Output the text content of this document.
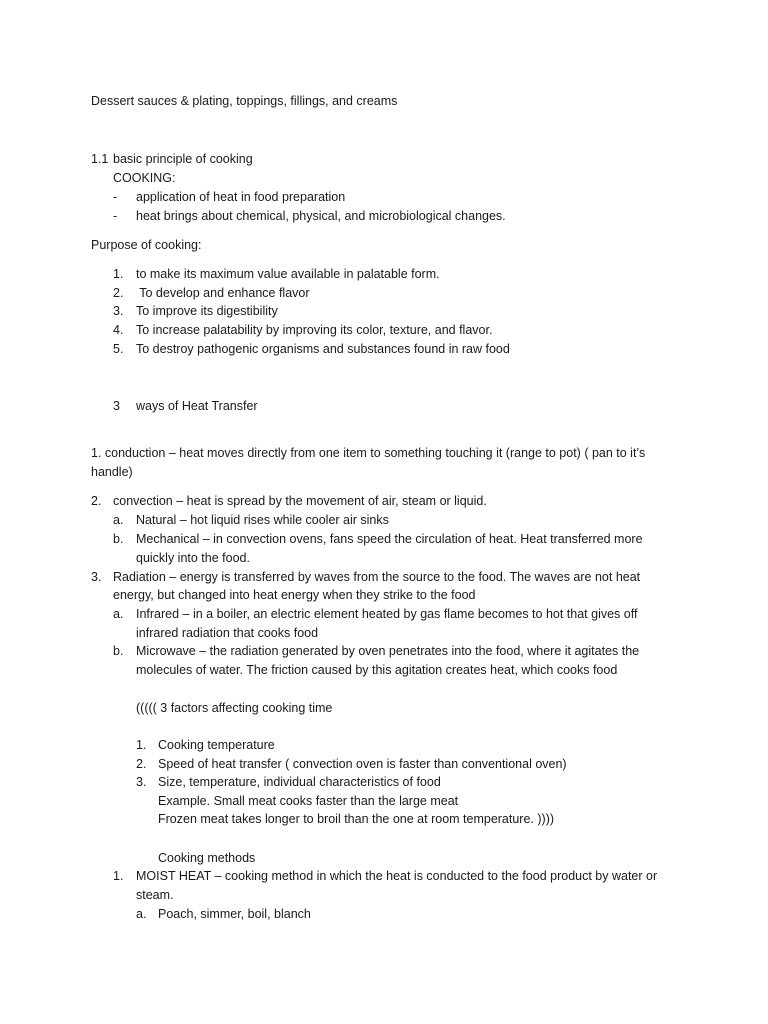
Dessert sauces & plating, toppings, fillings, and creams
1.1 basic principle of cooking
COOKING:
- application of heat in food preparation
- heat brings about chemical, physical, and microbiological changes.
Purpose of cooking:
1. to make its maximum value available in palatable form.
2. To develop and enhance flavor
3. To improve its digestibility
4. To increase palatability by improving its color, texture, and flavor.
5. To destroy pathogenic organisms and substances found in raw food
3 ways of Heat Transfer
1. conduction – heat moves directly from one item to something touching it (range to pot) ( pan to it’s
handle)
2. convection – heat is spread by the movement of air, steam or liquid.
a. Natural – hot liquid rises while cooler air sinks
b. Mechanical – in convection ovens, fans speed the circulation of heat. Heat transferred more
quickly into the food.
3. Radiation – energy is transferred by waves from the source to the food. The waves are not heat
energy, but changed into heat energy when they strike to the food
a. Infrared – in a boiler, an electric element heated by gas flame becomes to hot that gives off
infrared radiation that cooks food
b. Microwave – the radiation generated by oven penetrates into the food, where it agitates the
molecules of water. The friction caused by this agitation creates heat, which cooks food
((((( 3 factors affecting cooking time
1. Cooking temperature
2. Speed of heat transfer ( convection oven is faster than conventional oven)
3. Size, temperature, individual characteristics of food
Example. Small meat cooks faster than the large meat
Frozen meat takes longer to broil than the one at room temperature. ))))
Cooking methods
1. MOIST HEAT – cooking method in which the heat is conducted to the food product by water or
steam.
a. Poach, simmer, boil, blanch
